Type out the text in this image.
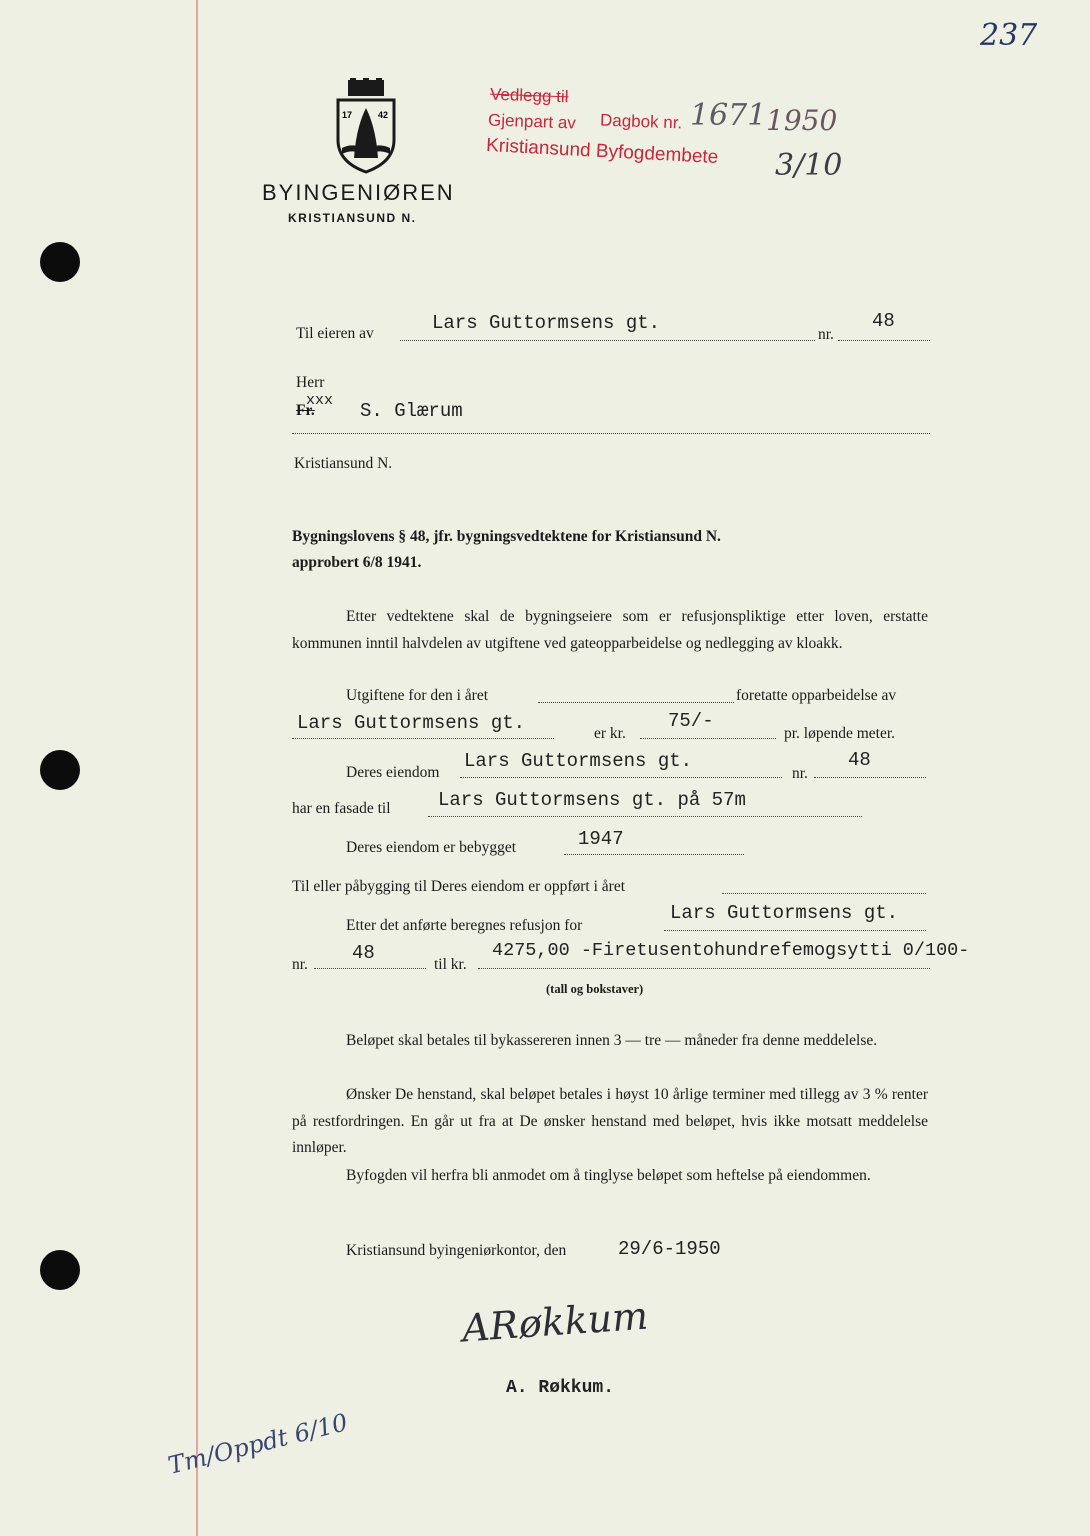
237
17	42
BYINGENIØREN
KRISTIANSUND N.
Vedlegg til
Gjenpart av Dagbok nr. 1671 1950
Kristiansund Byfogdembete 3/10
Til eieren av	Lars Guttormsens gt.
nr.
48
Herr
Fr.
xxx S. Glærum
Kristiansund N.
Bygningslovens § 48, jfr. bygningsvedtektene for Kristiansund N.
approbert 6/8 1941.
Etter vedtektene skal de bygningseiere som er refusjonspliktige etter loven, erstatte kommunen inntil halvdelen av utgiftene ved gateopparbeidelse og nedlegging av kloakk.
Utgiftene for den i året	foretatte opparbeidelse av
Lars Guttormsens gt.	er kr.
75/-
pr. løpende meter.
Deres eiendom
Lars Guttormsens gt.
nr.
48
har en fasade til Lars Guttormsens gt. på 57m
Deres eiendom er bebygget	1947
Til eller påbygging til Deres eiendom er oppført i året
Etter det anførte beregnes refusjon for
Lars Guttormsens gt.
nr.
48
til kr.
4275,00 -Firetusentohundrefemogsytti 0/100-
(tall og bokstaver)
Beløpet skal betales til bykassereren innen 3 — tre — måneder fra denne meddelelse.
Ønsker De henstand, skal beløpet betales i høyst 10 årlige terminer med tillegg av 3 % renter på restfordringen. En går ut fra at De ønsker henstand med beløpet, hvis ikke motsatt meddelelse innløper.
Byfogden vil herfra bli anmodet om å tinglyse beløpet som heftelse på eiendommen.
Kristiansund byingeniørkontor, den	29/6-1950
ARøkkum
A. Røkkum.
Tm/Oppdt 6/10
